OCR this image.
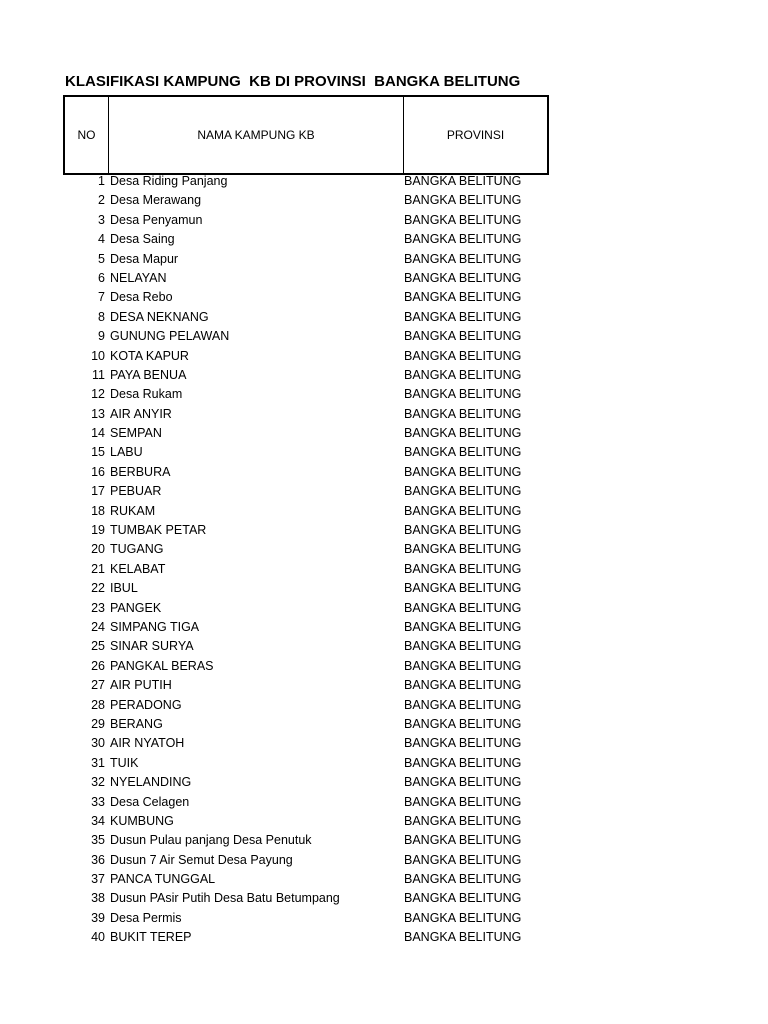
KLASIFIKASI KAMPUNG  KB DI PROVINSI  BANGKA BELITUNG
NO	NAMA KAMPUNG KB	PROVINSI
1 Desa Riding Panjang	BANGKA BELITUNG
2 Desa Merawang	BANGKA BELITUNG
3 Desa Penyamun	BANGKA BELITUNG
4 Desa Saing	BANGKA BELITUNG
5 Desa Mapur	BANGKA BELITUNG
6 NELAYAN	BANGKA BELITUNG
7 Desa Rebo	BANGKA BELITUNG
8 DESA NEKNANG	BANGKA BELITUNG
9 GUNUNG PELAWAN	BANGKA BELITUNG
10 KOTA KAPUR	BANGKA BELITUNG
11 PAYA BENUA	BANGKA BELITUNG
12 Desa Rukam	BANGKA BELITUNG
13 AIR ANYIR	BANGKA BELITUNG
14 SEMPAN	BANGKA BELITUNG
15 LABU	BANGKA BELITUNG
16 BERBURA	BANGKA BELITUNG
17 PEBUAR	BANGKA BELITUNG
18 RUKAM	BANGKA BELITUNG
19 TUMBAK PETAR	BANGKA BELITUNG
20 TUGANG	BANGKA BELITUNG
21 KELABAT	BANGKA BELITUNG
22 IBUL	BANGKA BELITUNG
23 PANGEK	BANGKA BELITUNG
24 SIMPANG TIGA	BANGKA BELITUNG
25 SINAR SURYA	BANGKA BELITUNG
26 PANGKAL BERAS	BANGKA BELITUNG
27 AIR PUTIH	BANGKA BELITUNG
28 PERADONG	BANGKA BELITUNG
29 BERANG	BANGKA BELITUNG
30 AIR NYATOH	BANGKA BELITUNG
31 TUIK	BANGKA BELITUNG
32 NYELANDING	BANGKA BELITUNG
33 Desa Celagen	BANGKA BELITUNG
34 KUMBUNG	BANGKA BELITUNG
35 Dusun Pulau panjang Desa Penutuk	BANGKA BELITUNG
36 Dusun 7 Air Semut Desa Payung	BANGKA BELITUNG
37 PANCA TUNGGAL	BANGKA BELITUNG
38 Dusun PAsir Putih Desa Batu Betumpang	BANGKA BELITUNG
39 Desa Permis	BANGKA BELITUNG
40 BUKIT TEREP	BANGKA BELITUNG
